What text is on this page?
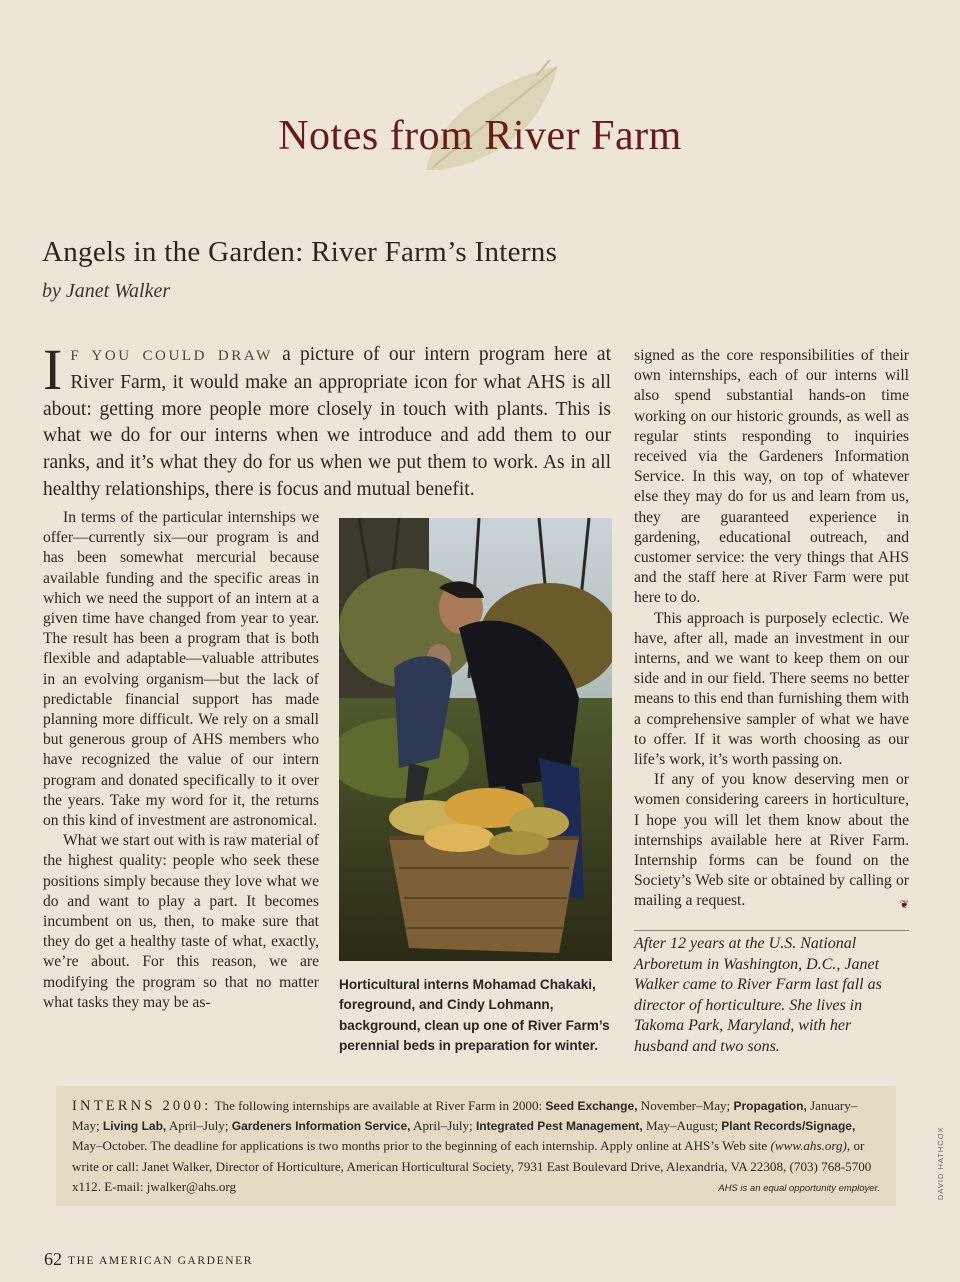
Notes from River Farm
Angels in the Garden: River Farm’s Interns
by Janet Walker
I F YOU COULD DRAW a picture of our intern program here at River Farm, it would make an appropriate icon for what AHS is all about: getting more people more closely in touch with plants. This is what we do for our interns when we introduce and add them to our ranks, and it’s what they do for us when we put them to work. As in all healthy relationships, there is focus and mutual benefit.

In terms of the particular internships we offer—currently six—our program is and has been somewhat mercurial because available funding and the specific areas in which we need the support of an intern at a given time have changed from year to year. The result has been a program that is both flexible and adaptable—valuable attributes in an evolving organism—but the lack of predictable financial support has made planning more difficult. We rely on a small but generous group of AHS members who have recognized the value of our intern program and donated specifically to it over the years. Take my word for it, the returns on this kind of investment are astronomical.

What we start out with is raw material of the highest quality: people who seek these positions simply because they love what we do and want to play a part. It becomes incumbent on us, then, to make sure that they do get a healthy taste of what, exactly, we’re about. For this reason, we are modifying the program so that no matter what tasks they may be as-

Horticultural interns Mohamad Chakaki, foreground, and Cindy Lohmann, background, clean up one of River Farm’s perennial beds in preparation for winter.

signed as the core responsibilities of their own internships, each of our interns will also spend substantial hands-on time working on our historic grounds, as well as regular stints responding to inquiries received via the Gardeners Information Service. In this way, on top of whatever else they may do for us and learn from us, they are guaranteed experience in gardening, educational outreach, and customer service: the very things that AHS and the staff here at River Farm were put here to do.

This approach is purposely eclectic. We have, after all, made an investment in our interns, and we want to keep them on our side and in our field. There seems no better means to this end than furnishing them with a comprehensive sampler of what we have to offer. If it was worth choosing as our life’s work, it’s worth passing on.

If any of you know deserving men or women considering careers in horticulture, I hope you will let them know about the internships available here at River Farm. Internship forms can be found on the Society’s Web site or obtained by calling or mailing a request.	❦

After 12 years at the U.S. National Arboretum in Washington, D.C., Janet Walker came to River Farm last fall as director of horticulture. She lives in Takoma Park, Maryland, with her husband and two sons.
INTERNS 2000: The following internships are available at River Farm in 2000: Seed Exchange, November–May; Propagation, January–May; Living Lab, April–July; Gardeners Information Service, April–July; Integrated Pest Management, May–August; Plant Records/Signage, May–October. The deadline for applications is two months prior to the beginning of each internship. Apply online at AHS’s Web site (www.ahs.org), or write or call: Janet Walker, Director of Horticulture, American Horticultural Society, 7931 East Boulevard Drive, Alexandria, VA 22308, (703) 768-5700 x112. E-mail: jwalker@ahs.org	AHS is an equal opportunity employer.	DAVID HATHCOX
62 THE AMERICAN GARDENER
